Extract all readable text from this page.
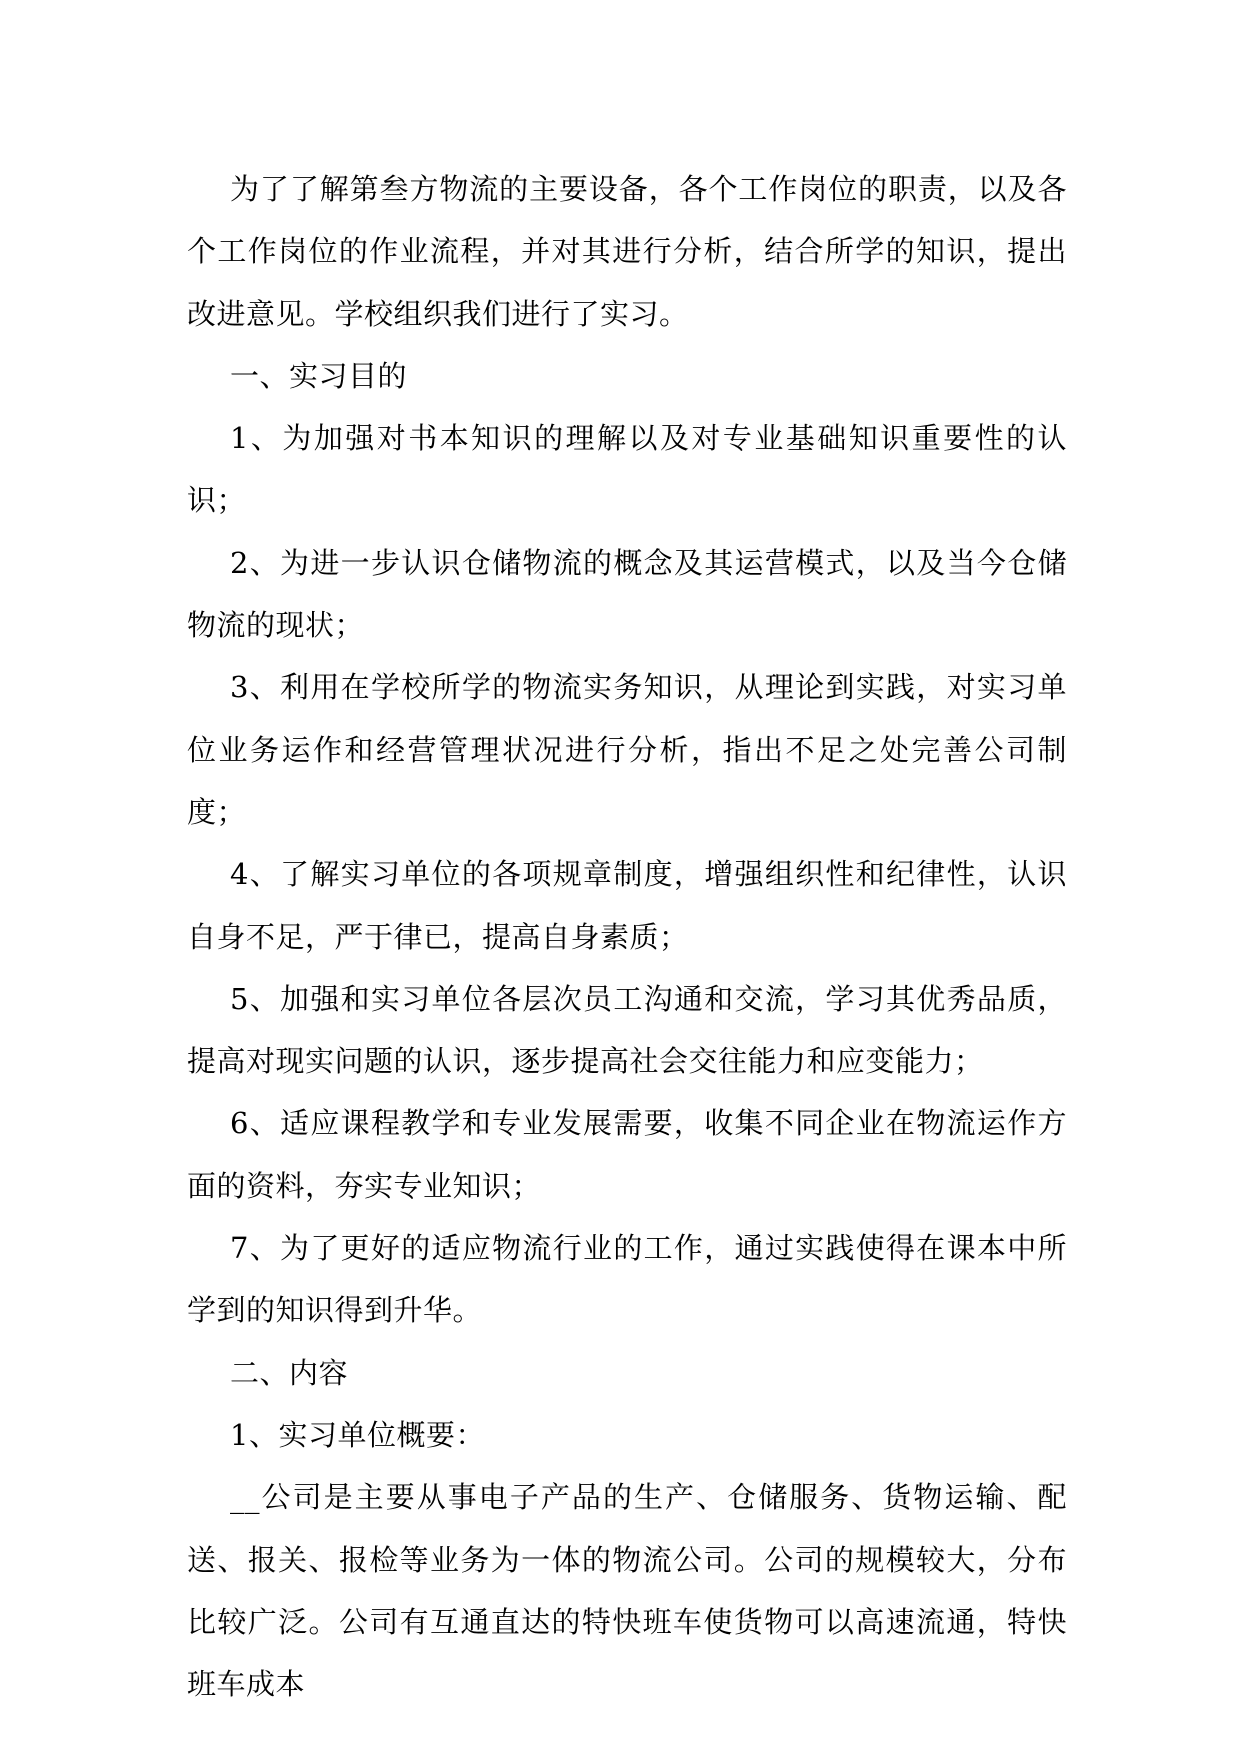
为了了解第叁方物流的主要设备，各个工作岗位的职责，以及各个工作岗位的作业流程，并对其进行分析，结合所学的知识，提出改进意见。学校组织我们进行了实习。

一、实习目的

1、为加强对书本知识的理解以及对专业基础知识重要性的认识；

2、为进一步认识仓储物流的概念及其运营模式，以及当今仓储物流的现状；

3、利用在学校所学的物流实务知识，从理论到实践，对实习单位业务运作和经营管理状况进行分析，指出不足之处完善公司制度；

4、了解实习单位的各项规章制度，增强组织性和纪律性，认识自身不足，严于律已，提高自身素质；

5、加强和实习单位各层次员工沟通和交流，学习其优秀品质，提高对现实问题的认识，逐步提高社会交往能力和应变能力；

6、适应课程教学和专业发展需要，收集不同企业在物流运作方面的资料，夯实专业知识；

7、为了更好的适应物流行业的工作，通过实践使得在课本中所学到的知识得到升华。

二、内容

1、实习单位概要：

__公司是主要从事电子产品的生产、仓储服务、货物运输、配送、报关、报检等业务为一体的物流公司。公司的规模较大，分布比较广泛。公司有互通直达的特快班车使货物可以高速流通，特快班车成本
